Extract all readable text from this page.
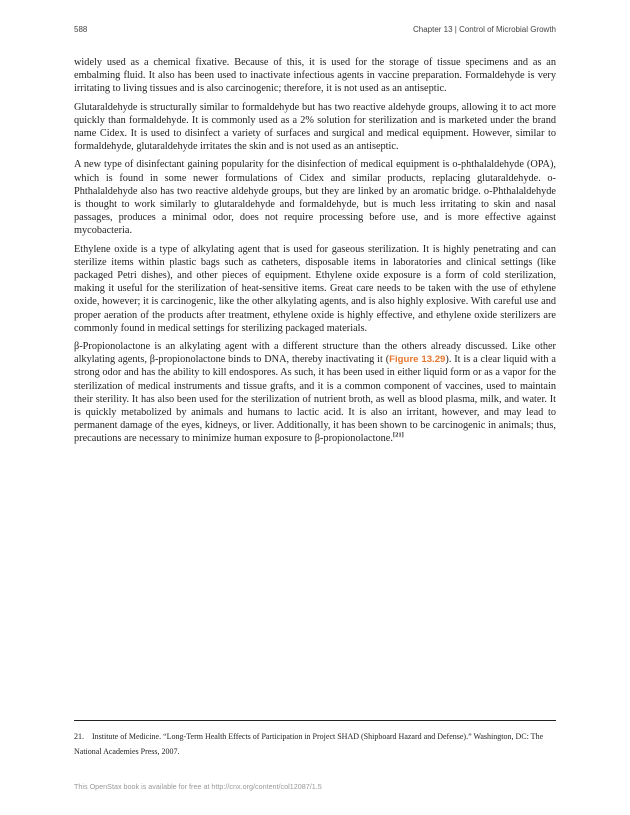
588	Chapter 13 | Control of Microbial Growth

widely used as a chemical fixative. Because of this, it is used for the storage of tissue specimens and as an embalming fluid. It also has been used to inactivate infectious agents in vaccine preparation. Formaldehyde is very irritating to living tissues and is also carcinogenic; therefore, it is not used as an antiseptic.

Glutaraldehyde is structurally similar to formaldehyde but has two reactive aldehyde groups, allowing it to act more quickly than formaldehyde. It is commonly used as a 2% solution for sterilization and is marketed under the brand name Cidex. It is used to disinfect a variety of surfaces and surgical and medical equipment. However, similar to formaldehyde, glutaraldehyde irritates the skin and is not used as an antiseptic.

A new type of disinfectant gaining popularity for the disinfection of medical equipment is o-phthalaldehyde (OPA), which is found in some newer formulations of Cidex and similar products, replacing glutaraldehyde. o-Phthalaldehyde also has two reactive aldehyde groups, but they are linked by an aromatic bridge. o-Phthalaldehyde is thought to work similarly to glutaraldehyde and formaldehyde, but is much less irritating to skin and nasal passages, produces a minimal odor, does not require processing before use, and is more effective against mycobacteria.

Ethylene oxide is a type of alkylating agent that is used for gaseous sterilization. It is highly penetrating and can sterilize items within plastic bags such as catheters, disposable items in laboratories and clinical settings (like packaged Petri dishes), and other pieces of equipment. Ethylene oxide exposure is a form of cold sterilization, making it useful for the sterilization of heat-sensitive items. Great care needs to be taken with the use of ethylene oxide, however; it is carcinogenic, like the other alkylating agents, and is also highly explosive. With careful use and proper aeration of the products after treatment, ethylene oxide is highly effective, and ethylene oxide sterilizers are commonly found in medical settings for sterilizing packaged materials.

β-Propionolactone is an alkylating agent with a different structure than the others already discussed. Like other alkylating agents, β-propionolactone binds to DNA, thereby inactivating it (Figure 13.29). It is a clear liquid with a strong odor and has the ability to kill endospores. As such, it has been used in either liquid form or as a vapor for the sterilization of medical instruments and tissue grafts, and it is a common component of vaccines, used to maintain their sterility. It has also been used for the sterilization of nutrient broth, as well as blood plasma, milk, and water. It is quickly metabolized by animals and humans to lactic acid. It is also an irritant, however, and may lead to permanent damage of the eyes, kidneys, or liver. Additionally, it has been shown to be carcinogenic in animals; thus, precautions are necessary to minimize human exposure to β-propionolactone.[21]

21. Institute of Medicine. “Long-Term Health Effects of Participation in Project SHAD (Shipboard Hazard and Defense).” Washington, DC: The National Academies Press, 2007.
This OpenStax book is available for free at http://cnx.org/content/col12087/1.5
